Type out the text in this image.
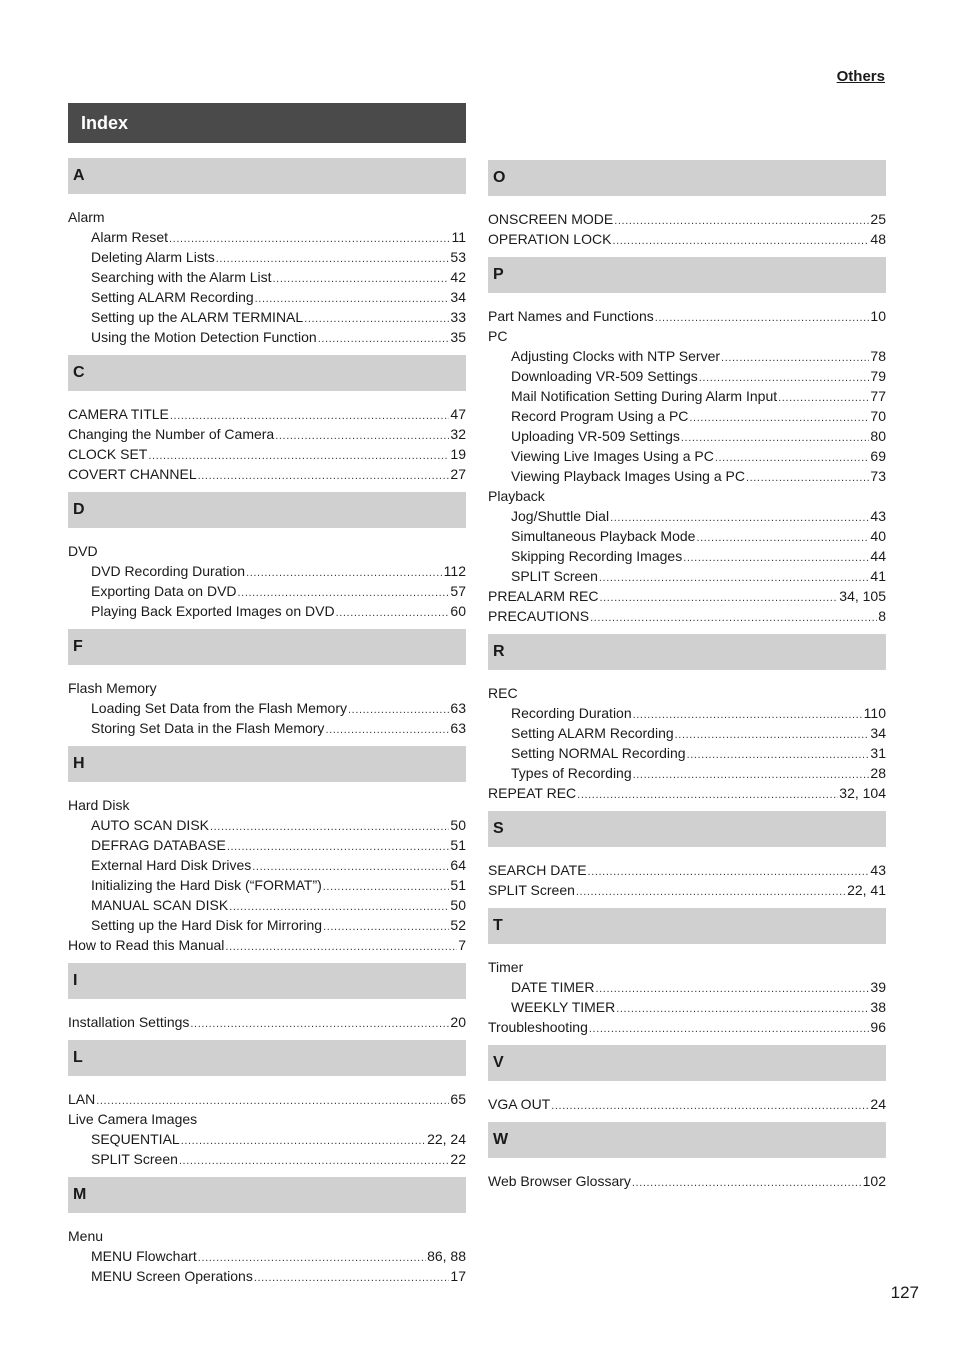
Others
Index
A
Alarm
Alarm Reset .....	11
Deleting Alarm Lists .....	53
Searching with the Alarm List .....	42
Setting ALARM Recording .....	34
Setting up the ALARM TERMINAL .....	33
Using the Motion Detection Function .....	35
C
CAMERA TITLE .....	47
Changing the Number of Camera .....	32
CLOCK SET .....	19
COVERT CHANNEL .....	27
D
DVD
DVD Recording Duration .....	112
Exporting Data on DVD .....	57
Playing Back Exported Images on DVD .....	60
F
Flash Memory
Loading Set Data from the Flash Memory .....	63
Storing Set Data in the Flash Memory .....	63
H
Hard Disk
AUTO SCAN DISK .....	50
DEFRAG DATABASE .....	51
External Hard Disk Drives .....	64
Initializing the Hard Disk (“FORMAT”) .....	51
MANUAL SCAN DISK .....	50
Setting up the Hard Disk for Mirroring .....	52
How to Read this Manual .....	7
I
Installation Settings .....	20
L
LAN .....	65
Live Camera Images
SEQUENTIAL .....	22, 24
SPLIT Screen .....	22
M
Menu
MENU Flowchart .....	86, 88
MENU Screen Operations .....	17
O
ONSCREEN MODE .....	25
OPERATION LOCK .....	48
P
Part Names and Functions .....	10
PC
Adjusting Clocks with NTP Server .....	78
Downloading VR-509 Settings .....	79
Mail Notification Setting During Alarm Input .....	77
Record Program Using a PC .....	70
Uploading VR-509 Settings .....	80
Viewing Live Images Using a PC .....	69
Viewing Playback Images Using a PC .....	73
Playback
Jog/Shuttle Dial .....	43
Simultaneous Playback Mode .....	40
Skipping Recording Images .....	44
SPLIT Screen .....	41
PREALARM REC .....	34, 105
PRECAUTIONS .....	8
R
REC
Recording Duration .....	110
Setting ALARM Recording .....	34
Setting NORMAL Recording .....	31
Types of Recording .....	28
REPEAT REC .....	32, 104
S
SEARCH DATE .....	43
SPLIT Screen .....	22, 41
T
Timer
DATE TIMER .....	39
WEEKLY TIMER .....	38
Troubleshooting .....	96
V
VGA OUT .....	24
W
Web Browser Glossary .....	102
127
